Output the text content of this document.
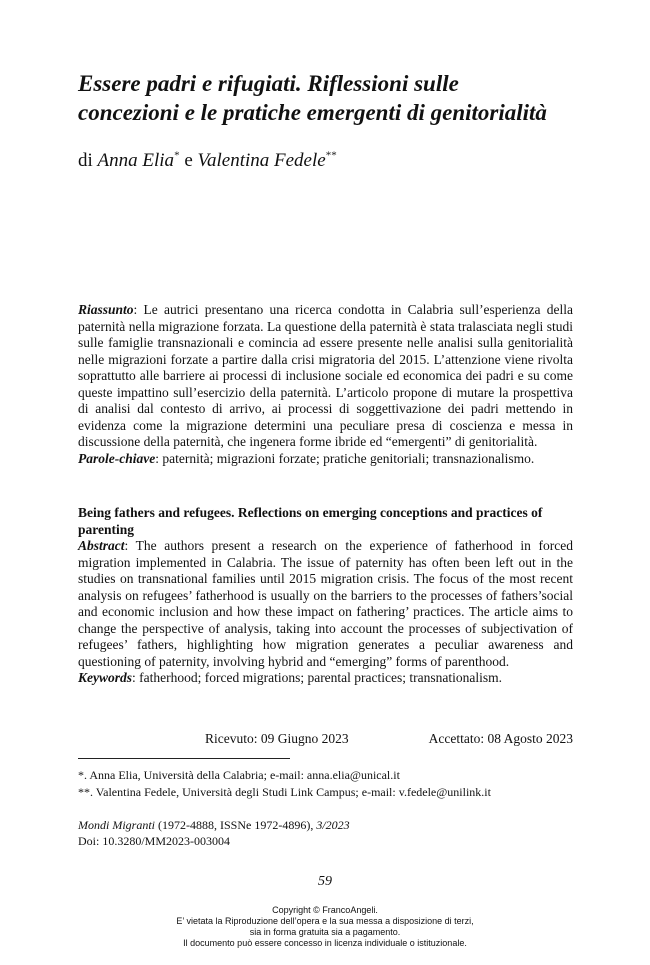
Essere padri e rifugiati. Riflessioni sulle
concezioni e le pratiche emergenti di genitorialità
di Anna Elia* e Valentina Fedele**
Riassunto: Le autrici presentano una ricerca condotta in Calabria sull’esperienza della paternità nella migrazione forzata. La questione della paternità è stata tralasciata negli studi sulle famiglie transnazionali e comincia ad essere presente nelle analisi sulla genitorialità nelle migrazioni forzate a partire dalla crisi migratoria del 2015. L’attenzione viene rivolta soprattutto alle barriere ai processi di inclusione sociale ed economica dei padri e su come queste impattino sull’esercizio della paternità. L’articolo propone di mutare la prospettiva di analisi dal contesto di arrivo, ai processi di soggettivazione dei padri mettendo in evidenza come la migrazione determini una peculiare presa di coscienza e messa in discussione della paternità, che ingenera forme ibride ed “emergenti” di genitorialità.
Parole-chiave: paternità; migrazioni forzate; pratiche genitoriali; transnazionalismo.
Being fathers and refugees. Reflections on emerging conceptions and practices of parenting
Abstract: The authors present a research on the experience of fatherhood in forced migration implemented in Calabria. The issue of paternity has often been left out in the studies on transnational families until 2015 migration crisis. The focus of the most recent analysis on refugees’ fatherhood is usually on the barriers to the processes of fathers’social and economic inclusion and how these impact on fathering’ practices. The article aims to change the perspective of analysis, taking into account the processes of subjectivation of refugees’ fathers, highlighting how migration generates a peculiar awareness and questioning of paternity, involving hybrid and “emerging” forms of parenthood.
Keywords: fatherhood; forced migrations; parental practices; transnationalism.
Ricevuto: 09 Giugno 2023	Accettato: 08 Agosto 2023
*. Anna Elia, Università della Calabria; e-mail: anna.elia@unical.it
**. Valentina Fedele, Università degli Studi Link Campus; e-mail: v.fedele@unilink.it
Mondi Migranti (1972-4888, ISSNe 1972-4896), 3/2023
Doi: 10.3280/MM2023-003004
59
Copyright © FrancoAngeli.
E’ vietata la Riproduzione dell’opera e la sua messa a disposizione di terzi,
sia in forma gratuita sia a pagamento.
Il documento può essere concesso in licenza individuale o istituzionale.
